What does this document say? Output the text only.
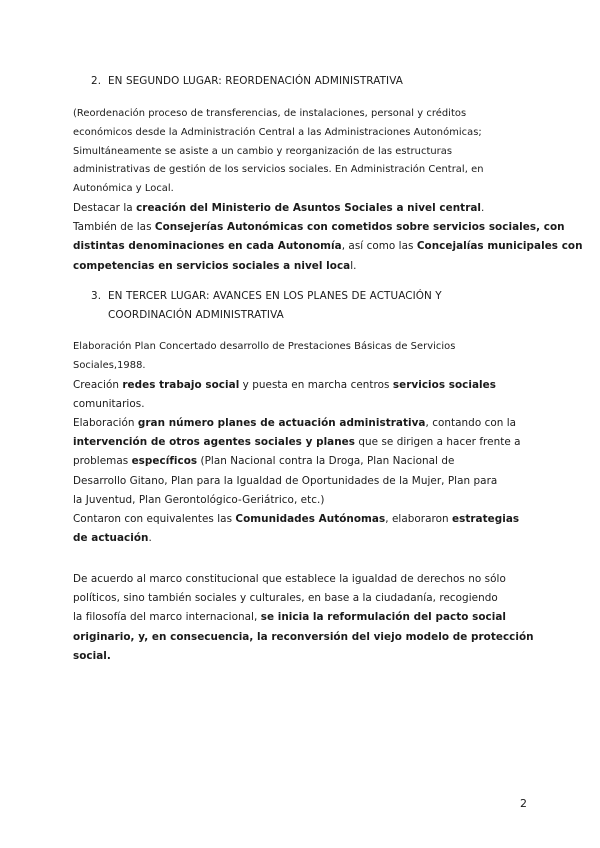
2. EN SEGUNDO LUGAR: REORDENACIÓN ADMINISTRATIVA
(Reordenación proceso de transferencias, de instalaciones, personal y créditos
económicos desde la Administración Central a las Administraciones Autonómicas;
Simultáneamente se asiste a un cambio y reorganización de las estructuras
administrativas de gestión de los servicios sociales. En Administración Central, en
Autonómica y Local.
Destacar la creación del Ministerio de Asuntos Sociales a nivel central.
También de las Consejerías Autonómicas con cometidos sobre servicios sociales, con
distintas denominaciones en cada Autonomía, así como las Concejalías municipales con
competencias en servicios sociales a nivel local.
3. EN TERCER LUGAR: AVANCES EN LOS PLANES DE ACTUACIÓN Y
COORDINACIÓN ADMINISTRATIVA
Elaboración Plan Concertado desarrollo de Prestaciones Básicas de Servicios
Sociales,1988.
Creación redes trabajo social y puesta en marcha centros servicios sociales
comunitarios.
Elaboración gran número planes de actuación administrativa, contando con la
intervención de otros agentes sociales y planes que se dirigen a hacer frente a
problemas específicos (Plan Nacional contra la Droga, Plan Nacional de
Desarrollo Gitano, Plan para la Igualdad de Oportunidades de la Mujer, Plan para
la Juventud, Plan Gerontológico-Geriátrico, etc.)
Contaron con equivalentes las Comunidades Autónomas, elaboraron estrategias
de actuación.
De acuerdo al marco constitucional que establece la igualdad de derechos no sólo
políticos, sino también sociales y culturales, en base a la ciudadanía, recogiendo
la filosofía del marco internacional, se inicia la reformulación del pacto social
originario, y, en consecuencia, la reconversión del viejo modelo de protección
social.
2
